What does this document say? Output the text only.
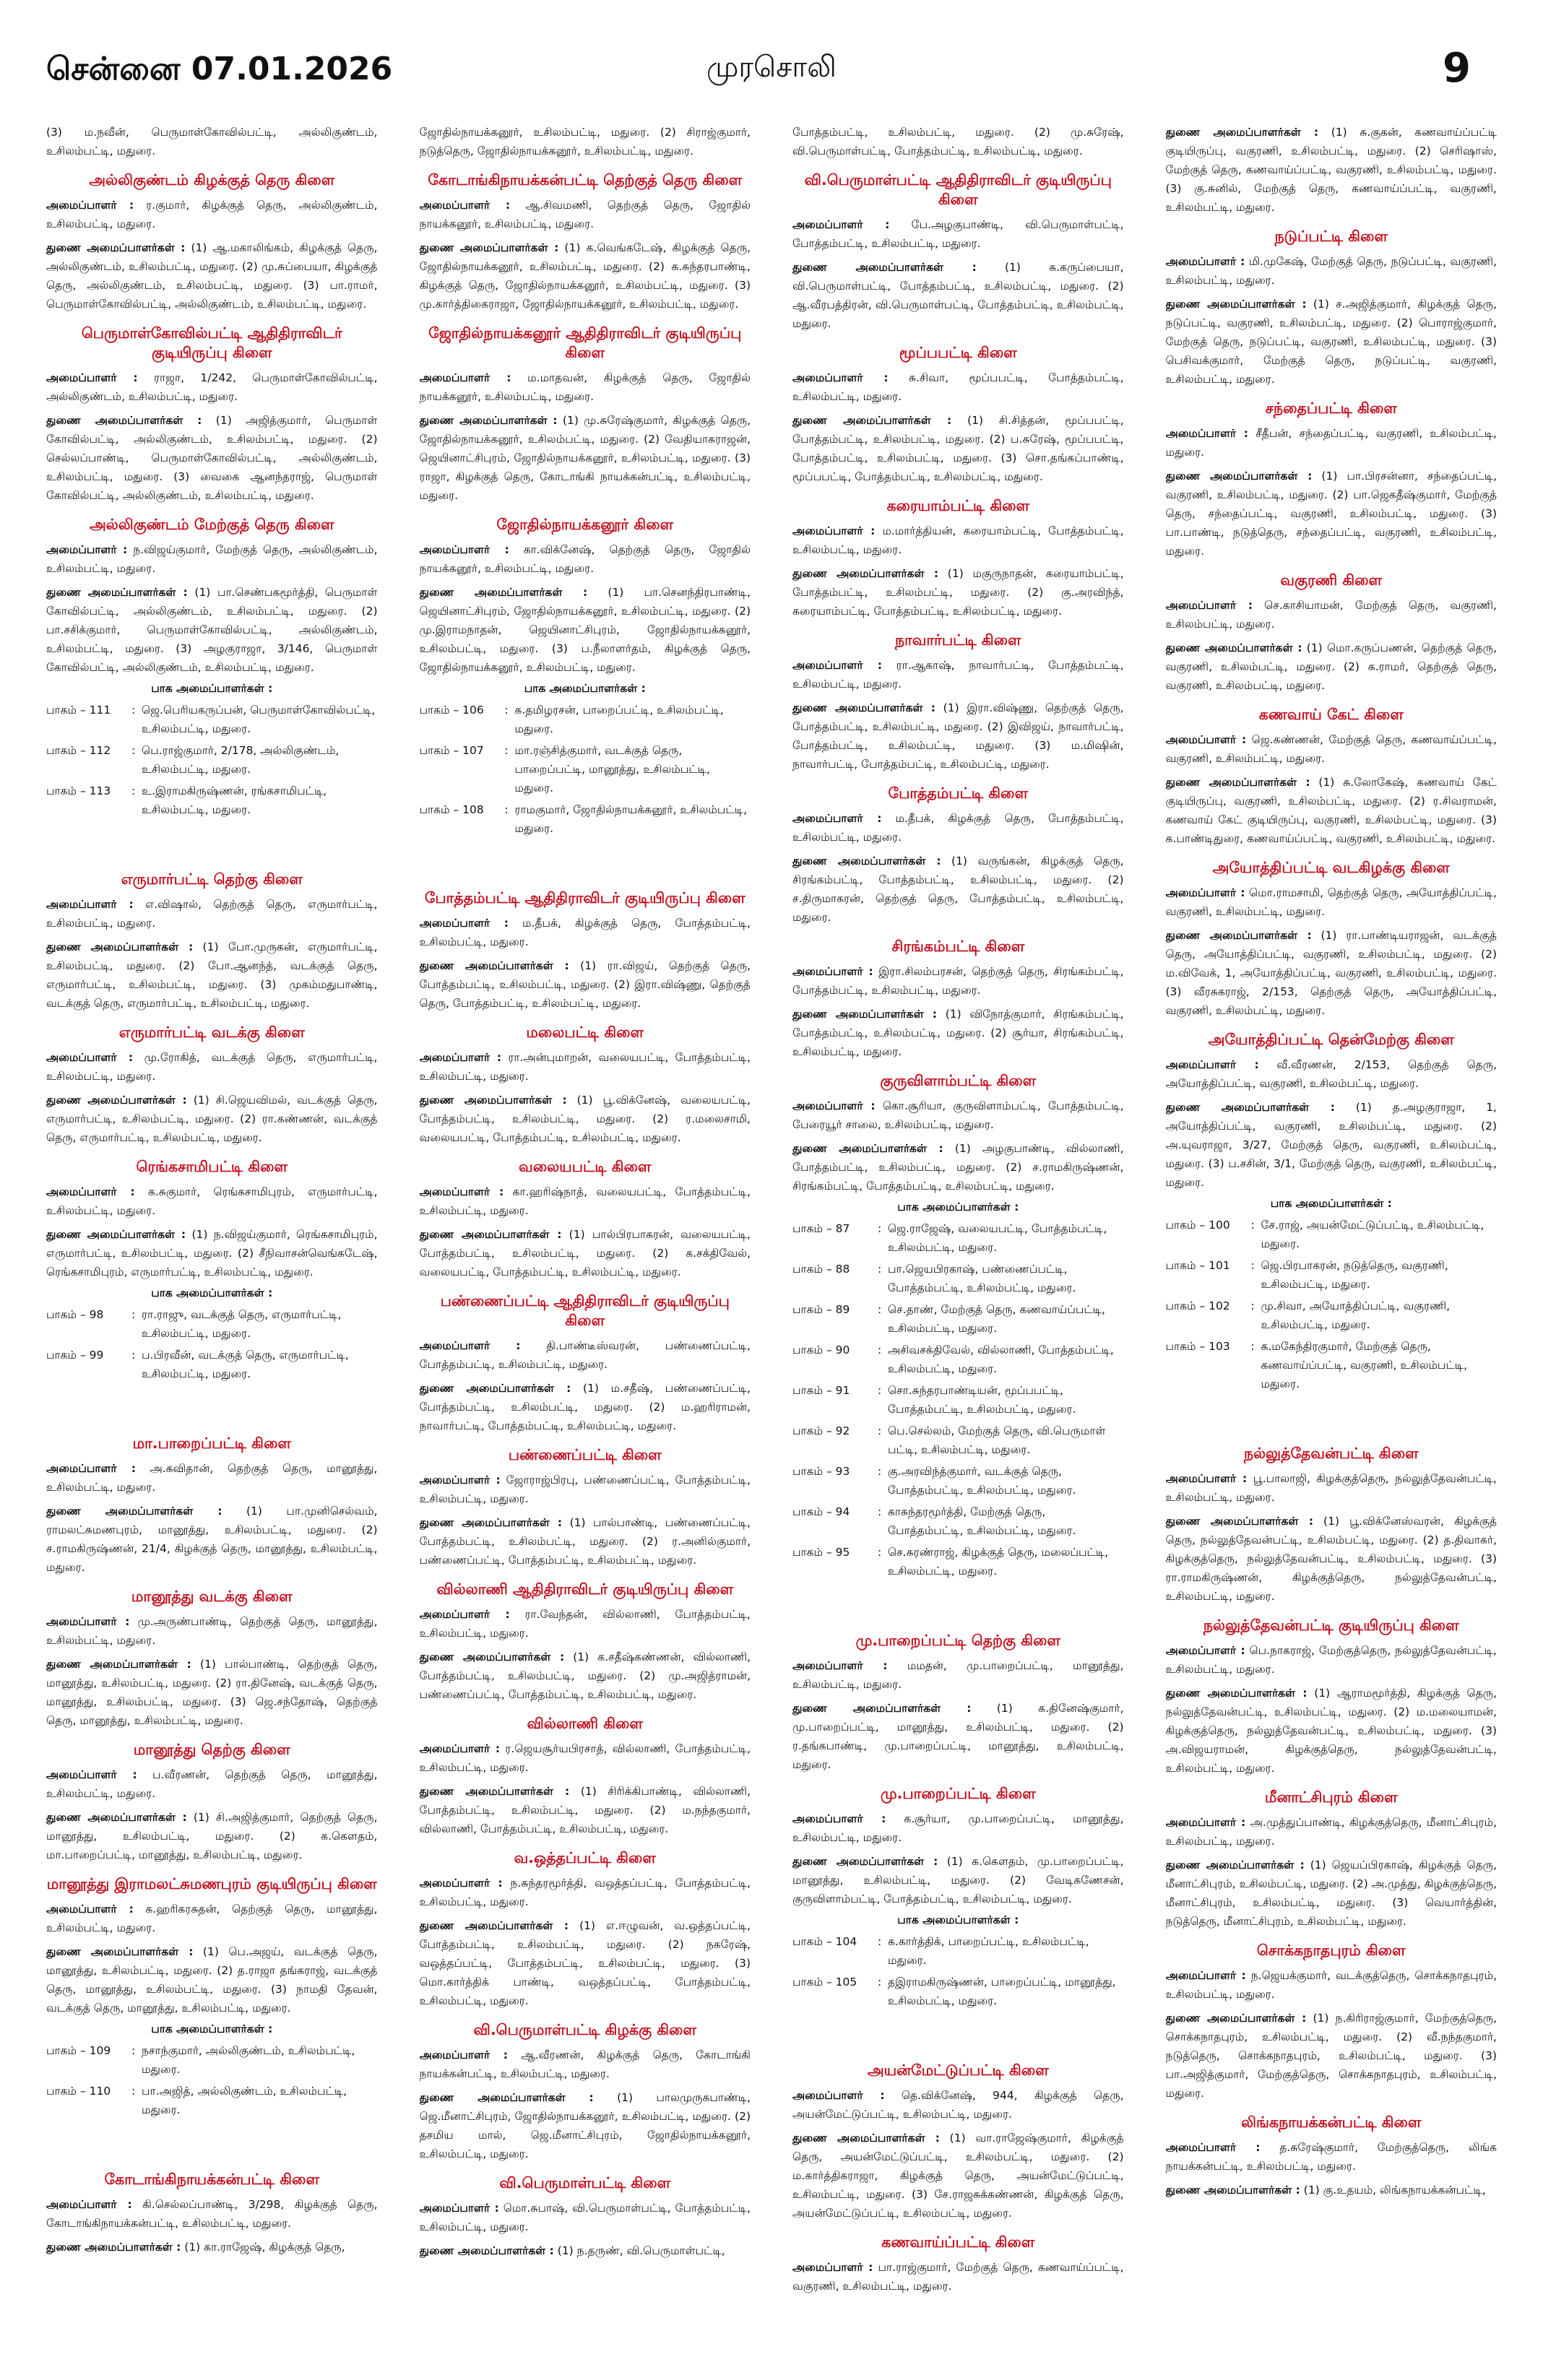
சென்னை 07.01.2026	முரசொலி	9

(3) ம.நவீன், பெருமாள்கோவில்பட்டி, அல்லிகுண்டம், உசிலம்பட்டி, மதுரை.

அல்லிகுண்டம் கிழக்குத் தெரு கிளை

அமைப்பாளர் : ர.குமார், கிழக்குத் தெரு, அல்லிகுண்டம், உசிலம்பட்டி, மதுரை.

துணை அமைப்பாளர்கள் : (1) ஆ.மகாலிங்கம், கிழக்குத் தெரு, அல்லிகுண்டம், உசிலம்பட்டி, மதுரை. (2) மு.சுப்பையா, கிழக்குத் தெரு, அல்லிகுண்டம், உசிலம்பட்டி, மதுரை. (3) பா.ராமர், பெருமாள்கோவில்பட்டி, அல்லிகுண்டம், உசிலம்பட்டி, மதுரை.

பெருமாள்கோவில்பட்டி ஆதிதிராவிடர் குடியிருப்பு கிளை

அமைப்பாளர் : ராஜா, 1/242, பெருமாள்கோவில்பட்டி, அல்லிகுண்டம், உசிலம்பட்டி, மதுரை.

துணை அமைப்பாளர்கள் : (1) அஜித்குமார், பெருமாள் கோவில்பட்டி, அல்லிகுண்டம், உசிலம்பட்டி, மதுரை. (2) செல்லப்பாண்டி, பெருமாள்கோவில்பட்டி, அல்லிகுண்டம், உசிலம்பட்டி, மதுரை. (3) வைகை ஆனந்தராஜ், பெருமாள் கோவில்பட்டி, அல்லிகுண்டம், உசிலம்பட்டி, மதுரை.

அல்லிகுண்டம் மேற்குத் தெரு கிளை

அமைப்பாளர் : ந.விஜய்குமார், மேற்குத் தெரு, அல்லிகுண்டம், உசிலம்பட்டி, மதுரை.

துணை அமைப்பாளர்கள் : (1) பா.செண்பகமூர்த்தி, பெருமாள் கோவில்பட்டி, அல்லிகுண்டம், உசிலம்பட்டி, மதுரை. (2) பா.சசிக்குமார், பெருமாள்கோவில்பட்டி, அல்லிகுண்டம், உசிலம்பட்டி, மதுரை. (3) அழகுராஜா, 3/146, பெருமாள் கோவில்பட்டி, அல்லிகுண்டம், உசிலம்பட்டி, மதுரை.

பாக அமைப்பாளர்கள் :
பாகம் – 111	: ஜெ.பெரியகருப்பன், பெருமாள்கோவில்பட்டி, உசிலம்பட்டி, மதுரை.
பாகம் – 112	: பெ.ராஜ்குமார், 2/178, அல்லிகுண்டம், உசிலம்பட்டி, மதுரை.
பாகம் – 113	: உ.இராமகிருஷ்ணன், ரங்கசாமிபட்டி, உசிலம்பட்டி, மதுரை.
எருமார்பட்டி தெற்கு கிளை

அமைப்பாளர் : எ.விஷால், தெற்குத் தெரு, எருமார்பட்டி, உசிலம்பட்டி, மதுரை.

துணை அமைப்பாளர்கள் : (1) போ.முருகன், எருமார்பட்டி, உசிலம்பட்டி, மதுரை. (2) போ.ஆனந்த், வடக்குத் தெரு, எருமார்பட்டி, உசிலம்பட்டி, மதுரை. (3) முகம்மதுபாண்டி, வடக்குத் தெரு, எருமார்பட்டி, உசிலம்பட்டி, மதுரை.

எருமார்பட்டி வடக்கு கிளை

அமைப்பாளர் : மு.ரோகித், வடக்குத் தெரு, எருமார்பட்டி, உசிலம்பட்டி, மதுரை.

துணை அமைப்பாளர்கள் : (1) சி.ஜெயவிமல், வடக்குத் தெரு, எருமார்பட்டி, உசிலம்பட்டி, மதுரை. (2) ரா.கண்ணன், வடக்குத் தெரு, எருமார்பட்டி, உசிலம்பட்டி, மதுரை.

ரெங்கசாமிபட்டி கிளை

அமைப்பாளர் : க.சுகுமார், ரெங்கசாமிபுரம், எருமார்பட்டி, உசிலம்பட்டி, மதுரை.

துணை அமைப்பாளர்கள் : (1) ந.விஜய்குமார், ரெங்கசாமிபுரம், எருமார்பட்டி, உசிலம்பட்டி, மதுரை. (2) சீநிவாசன்வெங்கடேஷ், ரெங்கசாமிபுரம், எருமார்பட்டி, உசிலம்பட்டி, மதுரை.

பாக அமைப்பாளர்கள் :
பாகம் – 98	: ரா.ராஜு, வடக்குத் தெரு, எருமார்பட்டி, உசிலம்பட்டி, மதுரை.
பாகம் – 99	: ப.பிரவீன், வடக்குத் தெரு, எருமார்பட்டி, உசிலம்பட்டி, மதுரை.
மா.பாறைப்பட்டி கிளை

அமைப்பாளர் : அ.கவிதான், தெற்குத் தெரு, மானூத்து, உசிலம்பட்டி, மதுரை.

துணை அமைப்பாளர்கள் : (1) பா.முனிசெல்வம், ராமலட்சுமணபுரம், மானூத்து, உசிலம்பட்டி, மதுரை. (2) ச.ராமகிருஷ்ணன், 21/4, கிழக்குத் தெரு, மானூத்து, உசிலம்பட்டி, மதுரை.

மானூத்து வடக்கு கிளை

அமைப்பாளர் : மு.அருண்பாண்டி, தெற்குத் தெரு, மானூத்து, உசிலம்பட்டி, மதுரை.

துணை அமைப்பாளர்கள் : (1) பால்பாண்டி, தெற்குத் தெரு, மானூத்து, உசிலம்பட்டி, மதுரை. (2) ரா.தினேஷ், வடக்குத் தெரு, மானூத்து, உசிலம்பட்டி, மதுரை. (3) ஜெ.சந்தோஷ், தெற்குத் தெரு, மானூத்து, உசிலம்பட்டி, மதுரை.

மானூத்து தெற்கு கிளை

அமைப்பாளர் : ப.வீரணன், தெற்குத் தெரு, மானூத்து, உசிலம்பட்டி, மதுரை.

துணை அமைப்பாளர்கள் : (1) சி.அஜித்குமார், தெற்குத் தெரு, மானூத்து, உசிலம்பட்டி, மதுரை. (2) க.கௌதம், மா.பாறைப்பட்டி, மானூத்து, உசிலம்பட்டி, மதுரை.

மானூத்து இராமலட்சுமணபுரம் குடியிருப்பு கிளை

அமைப்பாளர் : க.ஹரிகரசுதன், தெற்குத் தெரு, மானூத்து, உசிலம்பட்டி, மதுரை.

துணை அமைப்பாளர்கள் : (1) பெ.அஜய், வடக்குத் தெரு, மானூத்து, உசிலம்பட்டி, மதுரை. (2) த.ராஜா தங்கராஜ், வடக்குத் தெரு, மானூத்து, உசிலம்பட்டி, மதுரை. (3) நாமதி தேவன், வடக்குத் தெரு, மானூத்து, உசிலம்பட்டி, மதுரை.

பாக அமைப்பாளர்கள் :
பாகம் – 109	: நசாந்குமார், அல்லிகுண்டம், உசிலம்பட்டி, மதுரை.
பாகம் – 110	: பா.அஜித், அல்லிகுண்டம், உசிலம்பட்டி, மதுரை.
கோடாங்கிநாயக்கன்பட்டி கிளை

அமைப்பாளர் : கி.செல்லப்பாண்டி, 3/298, கிழக்குத் தெரு, கோடாங்கிநாயக்கன்பட்டி, உசிலம்பட்டி, மதுரை.

துணை அமைப்பாளர்கள் : (1) கா.ராஜேஷ், கிழக்குத் தெரு,

ஜோதில்நாயக்கனூர், உசிலம்பட்டி, மதுரை. (2) சிராஜ்குமார், நடுத்தெரு, ஜோதில்நாயக்கனூர், உசிலம்பட்டி, மதுரை.

கோடாங்கிநாயக்கன்பட்டி தெற்குத் தெரு கிளை

அமைப்பாளர் : ஆ.சிவமணி, தெற்குத் தெரு, ஜோதில் நாயக்கனூர், உசிலம்பட்டி, மதுரை.

துணை அமைப்பாளர்கள் : (1) க.வெங்கடேஷ், கிழக்குத் தெரு, ஜோதில்நாயக்கனூர், உசிலம்பட்டி, மதுரை. (2) க.சுந்தரபாண்டி, கிழக்குத் தெரு, ஜோதில்நாயக்கனூர், உசிலம்பட்டி, மதுரை. (3) மு.கார்த்திகைராஜா, ஜோதில்நாயக்கனூர், உசிலம்பட்டி, மதுரை.

ஜோதில்நாயக்கனூர் ஆதிதிராவிடர் குடியிருப்பு கிளை

அமைப்பாளர் : ம.மாதவன், கிழக்குத் தெரு, ஜோதில் நாயக்கனூர், உசிலம்பட்டி, மதுரை.

துணை அமைப்பாளர்கள் : (1) மு.சுரேஷ்குமார், கிழக்குத் தெரு, ஜோதில்நாயக்கனூர், உசிலம்பட்டி, மதுரை. (2) வேதியாகராஜன், ஜெயினாட்சிபுரம், ஜோதில்நாயக்கனூர், உசிலம்பட்டி, மதுரை. (3) ராஜா, கிழக்குத் தெரு, கோடாங்கி நாயக்கன்பட்டி, உசிலம்பட்டி, மதுரை.

ஜோதில்நாயக்கனூர் கிளை

அமைப்பாளர் : கா.விக்னேஷ், தெற்குத் தெரு, ஜோதில் நாயக்கனூர், உசிலம்பட்டி, மதுரை.

துணை அமைப்பாளர்கள் : (1) பா.செனந்திரபாண்டி, ஜெயினாட்சிபுரம், ஜோதில்நாயக்கனூர், உசிலம்பட்டி, மதுரை. (2) மு.இராமநாதன், ஜெயினாட்சிபுரம், ஜோதில்நாயக்கனூர், உசிலம்பட்டி, மதுரை. (3) ப.நீலாளர்தம், கிழக்குத் தெரு, ஜோதில்நாயக்கனூர், உசிலம்பட்டி, மதுரை.

பாக அமைப்பாளர்கள் :
பாகம் – 106	: க.தமிழரசன், பாறைப்பட்டி, உசிலம்பட்டி, மதுரை.
பாகம் – 107	: மா.ரஞ்சித்குமார், வடக்குத் தெரு, பாறைப்பட்டி, மானூத்து, உசிலம்பட்டி, மதுரை.
பாகம் – 108	: ராமகுமார், ஜோதில்நாயக்கனூர், உசிலம்பட்டி, மதுரை.
போத்தம்பட்டி ஆதிதிராவிடர் குடியிருப்பு கிளை

அமைப்பாளர் : ம.தீபக், கிழக்குத் தெரு, போத்தம்பட்டி, உசிலம்பட்டி, மதுரை.

துணை அமைப்பாளர்கள் : (1) ரா.விஜய், தெற்குத் தெரு, போத்தம்பட்டி, உசிலம்பட்டி, மதுரை. (2) இரா.விஷ்ணு, தெற்குத் தெரு, போத்தம்பட்டி, உசிலம்பட்டி, மதுரை.

மலைபட்டி கிளை

அமைப்பாளர் : ரா.அன்புமாறன், வலையபட்டி, போத்தம்பட்டி, உசிலம்பட்டி, மதுரை.

துணை அமைப்பாளர்கள் : (1) பூ.விக்னேஷ், வலையபட்டி, போத்தம்பட்டி, உசிலம்பட்டி, மதுரை. (2) ர.மலைசாமி, வலையபட்டி, போத்தம்பட்டி, உசிலம்பட்டி, மதுரை.

வலையபட்டி கிளை

அமைப்பாளர் : கா.ஹரிஷ்நாத், வலையபட்டி, போத்தம்பட்டி, உசிலம்பட்டி, மதுரை.

துணை அமைப்பாளர்கள் : (1) பால்பிரபாகரன், வலையபட்டி, போத்தம்பட்டி, உசிலம்பட்டி, மதுரை. (2) க.சக்திவேல், வலையபட்டி, போத்தம்பட்டி, உசிலம்பட்டி, மதுரை.

பண்ணைப்பட்டி ஆதிதிராவிடர் குடியிருப்பு கிளை

அமைப்பாளர் : தி.பாண்டீஸ்வரன், பண்ணைப்பட்டி, போத்தம்பட்டி, உசிலம்பட்டி, மதுரை.

துணை அமைப்பாளர்கள் : (1) ம.சதீஷ், பண்ணைப்பட்டி, போத்தம்பட்டி, உசிலம்பட்டி, மதுரை. (2) ம.ஹரிராமன், நாவார்பட்டி, போத்தம்பட்டி, உசிலம்பட்டி, மதுரை.

பண்ணைப்பட்டி கிளை

அமைப்பாளர் : ஜோராஜ்பிரபு, பண்ணைப்பட்டி, போத்தம்பட்டி, உசிலம்பட்டி, மதுரை.

துணை அமைப்பாளர்கள் : (1) பால்பாண்டி, பண்ணைப்பட்டி, போத்தம்பட்டி, உசிலம்பட்டி, மதுரை. (2) ர.அனில்குமார், பண்ணைப்பட்டி, போத்தம்பட்டி, உசிலம்பட்டி, மதுரை.

வில்லாணி ஆதிதிராவிடர் குடியிருப்பு கிளை

அமைப்பாளர் : ரா.வேந்தன், வில்லாணி, போத்தம்பட்டி, உசிலம்பட்டி, மதுரை.

துணை அமைப்பாளர்கள் : (1) க.சதீஷ்கண்ணன், வில்லாணி, போத்தம்பட்டி, உசிலம்பட்டி, மதுரை. (2) மு.அஜித்ராமன், பண்ணைப்பட்டி, போத்தம்பட்டி, உசிலம்பட்டி, மதுரை.

வில்லாணி கிளை

அமைப்பாளர் : ர.ஜெயசூர்யபிரசாத், வில்லாணி, போத்தம்பட்டி, உசிலம்பட்டி, மதுரை.

துணை அமைப்பாளர்கள் : (1) சிரிக்கிபாண்டி, வில்லாணி, போத்தம்பட்டி, உசிலம்பட்டி, மதுரை. (2) ம.நந்தகுமார், வில்லாணி, போத்தம்பட்டி, உசிலம்பட்டி, மதுரை.

வ.ஒத்தப்பட்டி கிளை

அமைப்பாளர் : ந.சுந்தரமூர்த்தி, வஒத்தப்பட்டி, போத்தம்பட்டி, உசிலம்பட்டி, மதுரை.

துணை அமைப்பாளர்கள் : (1) எ.ஈழுவன், வ.ஒத்தப்பட்டி, போத்தம்பட்டி, உசிலம்பட்டி, மதுரை. (2) நகரேஷ், வஒத்தப்பட்டி, போத்தம்பட்டி, உசிலம்பட்டி, மதுரை. (3) மொ.கார்த்திக் பாண்டி, வஒத்தப்பட்டி, போத்தம்பட்டி, உசிலம்பட்டி, மதுரை.

வி.பெருமாள்பட்டி கிழக்கு கிளை

அமைப்பாளர் : ஆ.வீரணன், கிழக்குத் தெரு, கோடாங்கி நாயக்கன்பட்டி, உசிலம்பட்டி, மதுரை.

துணை அமைப்பாளர்கள் : (1) பாலமுருகபாண்டி, ஜெ.மீனாட்சிபுரம், ஜோதில்நாயக்கனூர், உசிலம்பட்டி, மதுரை. (2) தசமிய மால், ஜெ.மீனாட்சிபுரம், ஜோதில்நாயக்கனூர், உசிலம்பட்டி, மதுரை.

வி.பெருமாள்பட்டி கிளை

அமைப்பாளர் : மொ.சுபாஷ், வி.பெருமாள்பட்டி, போத்தம்பட்டி, உசிலம்பட்டி, மதுரை.

துணை அமைப்பாளர்கள் : (1) ந.தருண், வி.பெருமாள்பட்டி,

போத்தம்பட்டி, உசிலம்பட்டி, மதுரை. (2) மு.சுரேஷ், வி.பெருமாள்பட்டி, போத்தம்பட்டி, உசிலம்பட்டி, மதுரை.

வி.பெருமாள்பட்டி ஆதிதிராவிடர் குடியிருப்பு கிளை

அமைப்பாளர் : பே.அழகுபாண்டி, வி.பெருமாள்பட்டி, போத்தம்பட்டி, உசிலம்பட்டி, மதுரை.

துணை அமைப்பாளர்கள் : (1) சு.கருப்பையா, வி.பெருமாள்பட்டி, போத்தம்பட்டி, உசிலம்பட்டி, மதுரை. (2) ஆ.வீரபத்திரன், வி.பெருமாள்பட்டி, போத்தம்பட்டி, உசிலம்பட்டி, மதுரை.

மூப்பபட்டி கிளை

அமைப்பாளர் : சு.சிவா, மூப்பபட்டி, போத்தம்பட்டி, உசிலம்பட்டி, மதுரை.

துணை அமைப்பாளர்கள் : (1) சி.சித்தன், மூப்பபட்டி, போத்தம்பட்டி, உசிலம்பட்டி, மதுரை. (2) ப.சுரேஷ், மூப்பபட்டி, போத்தம்பட்டி, உசிலம்பட்டி, மதுரை. (3) சொ.தங்கப்பாண்டி, மூப்பபட்டி, போத்தம்பட்டி, உசிலம்பட்டி, மதுரை.

கரையாம்பட்டி கிளை

அமைப்பாளர் : ம.மார்த்தியன், கரையாம்பட்டி, போத்தம்பட்டி, உசிலம்பட்டி, மதுரை.

துணை அமைப்பாளர்கள் : (1) மகுருநாதன், கரையாம்பட்டி, போத்தம்பட்டி, உசிலம்பட்டி, மதுரை. (2) கு.அரவிந்த், கரையாம்பட்டி, போத்தம்பட்டி, உசிலம்பட்டி, மதுரை.

நாவார்பட்டி கிளை

அமைப்பாளர் : ரா.ஆகாஷ், நாவார்பட்டி, போத்தம்பட்டி, உசிலம்பட்டி, மதுரை.

துணை அமைப்பாளர்கள் : (1) இரா.விஷ்ணு, தெற்குத் தெரு, போத்தம்பட்டி, உசிலம்பட்டி, மதுரை. (2) இவிஜய், நாவார்பட்டி, போத்தம்பட்டி, உசிலம்பட்டி, மதுரை. (3) ம.மிஷின், நாவார்பட்டி, போத்தம்பட்டி, உசிலம்பட்டி, மதுரை.

போத்தம்பட்டி கிளை

அமைப்பாளர் : ம.தீபக், கிழக்குத் தெரு, போத்தம்பட்டி, உசிலம்பட்டி, மதுரை.

துணை அமைப்பாளர்கள் : (1) வருங்கன், கிழக்குத் தெரு, சிரங்கம்பட்டி, போத்தம்பட்டி, உசிலம்பட்டி, மதுரை. (2) ச.திருமாகரன், தெற்குத் தெரு, போத்தம்பட்டி, உசிலம்பட்டி, மதுரை.

சிரங்கம்பட்டி கிளை

அமைப்பாளர் : இரா.சிலம்பரசன், தெற்குத் தெரு, சிரங்கம்பட்டி, போத்தம்பட்டி, உசிலம்பட்டி, மதுரை.

துணை அமைப்பாளர்கள் : (1) விநோத்குமார், சிரங்கம்பட்டி, போத்தம்பட்டி, உசிலம்பட்டி, மதுரை. (2) சூர்யா, சிரங்கம்பட்டி, உசிலம்பட்டி, மதுரை.

குருவிளாம்பட்டி கிளை

அமைப்பாளர் : கொ.சூரியா, குருவிளாம்பட்டி, போத்தம்பட்டி, பேரையூர் சாலை, உசிலம்பட்டி, மதுரை.

துணை அமைப்பாளர்கள் : (1) அழகுபாண்டி, வில்லாணி, போத்தம்பட்டி, உசிலம்பட்டி, மதுரை. (2) ச.ராமகிருஷ்ணன், சிரங்கம்பட்டி, போத்தம்பட்டி, உசிலம்பட்டி, மதுரை.

பாக அமைப்பாளர்கள் :
பாகம் – 87	: ஜெ.ராஜேஷ், வலையபட்டி, போத்தம்பட்டி, உசிலம்பட்டி, மதுரை.
பாகம் – 88	: பா.ஜெயபிரகாஷ், பண்ணைப்பட்டி, போத்தம்பட்டி, உசிலம்பட்டி, மதுரை.
பாகம் – 89	: செ.தாண், மேற்குத் தெரு, கணவாய்ப்பட்டி, உசிலம்பட்டி, மதுரை.
பாகம் – 90	: அசிவசக்திவேல், வில்லாணி, போத்தம்பட்டி, உசிலம்பட்டி, மதுரை.
பாகம் – 91	: சொ.சுந்தரபாண்டியன், மூப்பபட்டி, போத்தம்பட்டி, உசிலம்பட்டி, மதுரை.
பாகம் – 92	: பெ.செல்லம், மேற்குத் தெரு, வி.பெருமாள் பட்டி, உசிலம்பட்டி, மதுரை.
பாகம் – 93	: கு.அரவிந்த்குமார், வடக்குத் தெரு, போத்தம்பட்டி, உசிலம்பட்டி, மதுரை.
பாகம் – 94	: காசுந்தரமூர்த்தி, மேற்குத் தெரு, போத்தம்பட்டி, உசிலம்பட்டி, மதுரை.
பாகம் – 95	: செ.சுரண்ராஜ், கிழக்குத் தெரு, மலைப்பட்டி, உசிலம்பட்டி, மதுரை.
மு.பாறைப்பட்டி தெற்கு கிளை

அமைப்பாளர் : மமதன், மு.பாறைப்பட்டி, மானூத்து, உசிலம்பட்டி, மதுரை.

துணை அமைப்பாளர்கள் : (1) க.தினேஷ்குமார், மு.பாறைப்பட்டி, மானூத்து, உசிலம்பட்டி, மதுரை. (2) ர.தங்கபாண்டி, மு.பாறைப்பட்டி, மானூத்து, உசிலம்பட்டி, மதுரை.

மு.பாறைப்பட்டி கிளை

அமைப்பாளர் : க.சூர்யா, மு.பாறைப்பட்டி, மானூத்து, உசிலம்பட்டி, மதுரை.

துணை அமைப்பாளர்கள் : (1) க.கௌதம், மு.பாறைப்பட்டி, மானூத்து, உசிலம்பட்டி, மதுரை. (2) வேடிகணேசன், குருவிளாம்பட்டி, போத்தம்பட்டி, உசிலம்பட்டி, மதுரை.

பாக அமைப்பாளர்கள் :
பாகம் – 104	: க.கார்த்திக், பாறைப்பட்டி, உசிலம்பட்டி, மதுரை.
பாகம் – 105	: தஇராமகிருஷ்ணன், பாறைப்பட்டி, மானூத்து, உசிலம்பட்டி, மதுரை.
அயன்மேட்டுப்பட்டி கிளை

அமைப்பாளர் : தெ.விக்னேஷ், 944, கிழக்குத் தெரு, அயன்மேட்டுப்பட்டி, உசிலம்பட்டி, மதுரை.

துணை அமைப்பாளர்கள் : (1) வா.ராஜேஷ்குமார், கிழக்குத் தெரு, அயன்மேட்டுப்பட்டி, உசிலம்பட்டி, மதுரை. (2) ம.கார்த்திகராஜா, கிழக்குத் தெரு, அயன்மேட்டுப்பட்டி, உசிலம்பட்டி, மதுரை. (3) சே.ராஜசுக்கண்ணன், கிழக்குத் தெரு, அயன்மேட்டுப்பட்டி, உசிலம்பட்டி, மதுரை.

கணவாய்ப்பட்டி கிளை

அமைப்பாளர் : பா.ராஜ்குமார், மேற்குத் தெரு, கணவாய்ப்பட்டி, வகுரணி, உசிலம்பட்டி, மதுரை.

துணை அமைப்பாளர்கள் : (1) சு.குகன், கணவாய்ப்பட்டி குடியிருப்பு, வகுரணி, உசிலம்பட்டி, மதுரை. (2) செரிஷாஸ், மேற்குத் தெரு, கணவாய்ப்பட்டி, வகுரணி, உசிலம்பட்டி, மதுரை. (3) கு.சுனில், மேற்குத் தெரு, கணவாய்ப்பட்டி, வகுரணி, உசிலம்பட்டி, மதுரை.

நடுப்பட்டி கிளை

அமைப்பாளர் : மி.முகேஷ், மேற்குத் தெரு, நடுப்பட்டி, வகுரணி, உசிலம்பட்டி, மதுரை.

துணை அமைப்பாளர்கள் : (1) ச.அஜித்குமார், கிழக்குத் தெரு, நடுப்பட்டி, வகுரணி, உசிலம்பட்டி, மதுரை. (2) பொராஜ்குமார், மேற்குத் தெரு, நடுப்பட்டி, வகுரணி, உசிலம்பட்டி, மதுரை. (3) பெசிவக்குமார், மேற்குத் தெரு, நடுப்பட்டி, வகுரணி, உசிலம்பட்டி, மதுரை.

சந்தைப்பட்டி கிளை

அமைப்பாளர் : சீதீபன், சந்தைப்பட்டி, வகுரணி, உசிலம்பட்டி, மதுரை.

துணை அமைப்பாளர்கள் : (1) பா.பிரசன்னா, சந்தைப்பட்டி, வகுரணி, உசிலம்பட்டி, மதுரை. (2) பா.ஜெகதீஷ்குமார், மேற்குத் தெரு, சந்தைப்பட்டி, வகுரணி, உசிலம்பட்டி, மதுரை. (3) பா.பாண்டி, நடுத்தெரு, சந்தைப்பட்டி, வகுரணி, உசிலம்பட்டி, மதுரை.

வகுரணி கிளை

அமைப்பாளர் : செ.காசியாமன், மேற்குத் தெரு, வகுரணி, உசிலம்பட்டி, மதுரை.

துணை அமைப்பாளர்கள் : (1) மொ.கருப்பணன், தெற்குத் தெரு, வகுரணி, உசிலம்பட்டி, மதுரை. (2) க.ராமர், தெற்குத் தெரு, வகுரணி, உசிலம்பட்டி, மதுரை.

கணவாய் கேட் கிளை

அமைப்பாளர் : ஜெ.கண்ணன், மேற்குத் தெரு, கணவாய்ப்பட்டி, வகுரணி, உசிலம்பட்டி, மதுரை.

துணை அமைப்பாளர்கள் : (1) சு.லோகேஷ், கணவாய் கேட் குடியிருப்பு, வகுரணி, உசிலம்பட்டி, மதுரை. (2) ர.சிவராமன், கணவாய் கேட் குடியிருப்பு, வகுரணி, உசிலம்பட்டி, மதுரை. (3) க.பாண்டிதுரை, கணவாய்ப்பட்டி, வகுரணி, உசிலம்பட்டி, மதுரை.

அயோத்திப்பட்டி வடகிழக்கு கிளை

அமைப்பாளர் : மொ.ராமசாமி, தெற்குத் தெரு, அயோத்திப்பட்டி, வகுரணி, உசிலம்பட்டி, மதுரை.

துணை அமைப்பாளர்கள் : (1) ரா.பாண்டியராஜன், வடக்குத் தெரு, அயோத்திப்பட்டி, வகுரணி, உசிலம்பட்டி, மதுரை. (2) ம.விவேக், 1, அயோத்திப்பட்டி, வகுரணி, உசிலம்பட்டி, மதுரை. (3) வீரசுகராஜ், 2/153, தெற்குத் தெரு, அயோத்திப்பட்டி, வகுரணி, உசிலம்பட்டி, மதுரை.

அயோத்திப்பட்டி தென்மேற்கு கிளை

அமைப்பாளர் : வீ.வீரணன், 2/153, தெற்குத் தெரு, அயோத்திப்பட்டி, வகுரணி, உசிலம்பட்டி, மதுரை.

துணை அமைப்பாளர்கள் : (1) த.அழகுராஜா, 1, அயோத்திப்பட்டி, வகுரணி, உசிலம்பட்டி, மதுரை. (2) அ.யுவராஜா, 3/27, மேற்குத் தெரு, வகுரணி, உசிலம்பட்டி, மதுரை. (3) ப.சசின், 3/1, மேற்குத் தெரு, வகுரணி, உசிலம்பட்டி, மதுரை.

பாக அமைப்பாளர்கள் :
பாகம் – 100	: சே.ராஜ், அயன்மேட்டுப்பட்டி, உசிலம்பட்டி, மதுரை.
பாகம் – 101	: ஜெ.பிரபாகரன், நடுத்தெரு, வகுரணி, உசிலம்பட்டி, மதுரை.
பாகம் – 102	: மு.சிவா, அயோத்திப்பட்டி, வகுரணி, உசிலம்பட்டி, மதுரை.
பாகம் – 103	: க.மகேந்திரகுமார், மேற்குத் தெரு, கணவாய்ப்பட்டி, வகுரணி, உசிலம்பட்டி, மதுரை.
நல்லுத்தேவன்பட்டி கிளை

அமைப்பாளர் : பூ.பாலாஜி, கிழக்குத்தெரு, நல்லுத்தேவன்பட்டி, உசிலம்பட்டி, மதுரை.

துணை அமைப்பாளர்கள் : (1) பூ.விக்னேஸ்வரன், கிழக்குத் தெரு, நல்லுத்தேவன்பட்டி, உசிலம்பட்டி, மதுரை. (2) த.திவாகர், கிழக்குத்தெரு, நல்லுத்தேவன்பட்டி, உசிலம்பட்டி, மதுரை. (3) ரா.ராமகிருஷ்ணன், கிழக்குத்தெரு, நல்லுத்தேவன்பட்டி, உசிலம்பட்டி, மதுரை.

நல்லுத்தேவன்பட்டி குடியிருப்பு கிளை

அமைப்பாளர் : பெ.நாகராஜ், மேற்குத்தெரு, நல்லுத்தேவன்பட்டி, உசிலம்பட்டி, மதுரை.

துணை அமைப்பாளர்கள் : (1) ஆராமமூர்த்தி, கிழக்குத் தெரு, நல்லுத்தேவன்பட்டி, உசிலம்பட்டி, மதுரை. (2) ம.மலையாமன், கிழக்குத்தெரு, நல்லுத்தேவன்பட்டி, உசிலம்பட்டி, மதுரை. (3) அ.விஜயராமன், கிழக்குத்தெரு, நல்லுத்தேவன்பட்டி, உசிலம்பட்டி, மதுரை.

மீனாட்சிபுரம் கிளை

அமைப்பாளர் : அ.முத்துப்பாண்டி, கிழக்குத்தெரு, மீனாட்சிபுரம், உசிலம்பட்டி, மதுரை.

துணை அமைப்பாளர்கள் : (1) ஜெயப்பிரகாஷ், கிழக்குத் தெரு, மீனாட்சிபுரம், உசிலம்பட்டி, மதுரை. (2) அ.முத்து, கிழக்குத்தெரு, மீனாட்சிபுரம், உசிலம்பட்டி, மதுரை. (3) வெயார்த்தின், நடுத்தெரு, மீனாட்சிபுரம், உசிலம்பட்டி, மதுரை.

சொக்கநாதபுரம் கிளை

அமைப்பாளர் : ந.ஜெயக்குமார், வடக்குத்தெரு, சொக்கநாதபுரம், உசிலம்பட்டி, மதுரை.

துணை அமைப்பாளர்கள் : (1) ந.கிரிராஜ்குமார், மேற்குத்தெரு, சொக்கநாதபுரம், உசிலம்பட்டி, மதுரை. (2) வீ.நந்தகுமார், நடுத்தெரு, சொக்கநாதபுரம், உசிலம்பட்டி, மதுரை. (3) பா.அஜித்குமார், மேற்குத்தெரு, சொக்கநாதபுரம், உசிலம்பட்டி, மதுரை.

லிங்கநாயக்கன்பட்டி கிளை

அமைப்பாளர் : த.சுரேஷ்குமார், மேற்குத்தெரு, லிங்க நாயக்கன்பட்டி, உசிலம்பட்டி, மதுரை.

துணை அமைப்பாளர்கள் : (1) கு.உதயம், லிங்கநாயக்கன்பட்டி,
